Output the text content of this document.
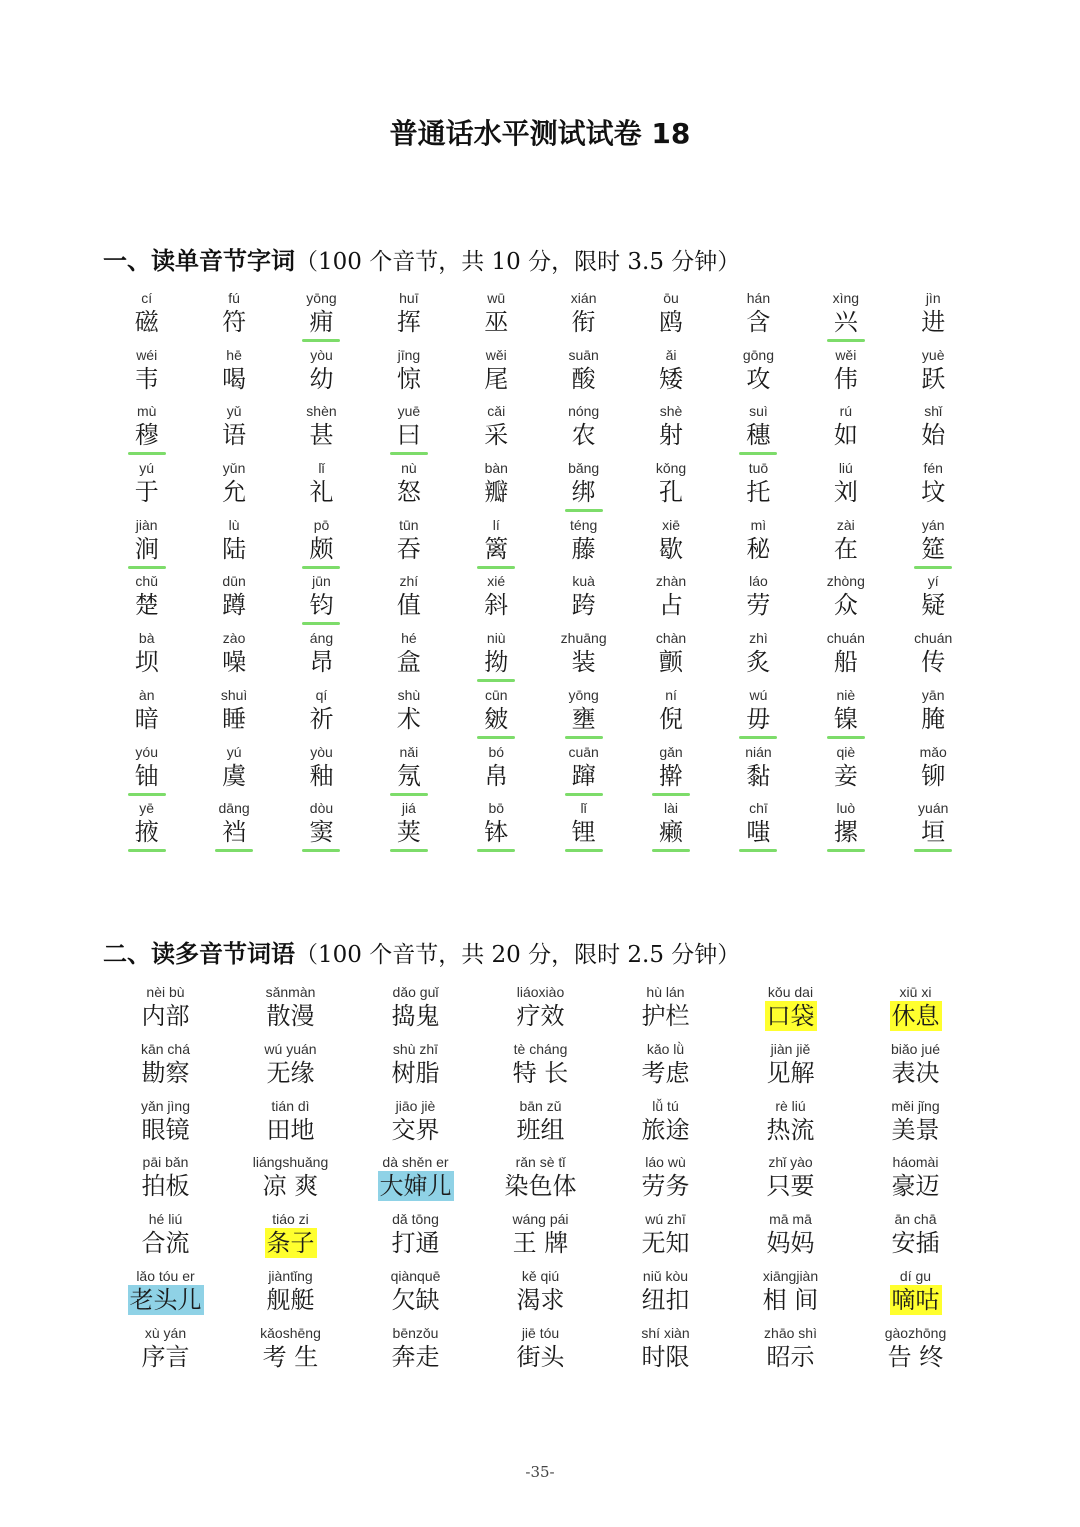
普通话水平测试试卷 18
一、读单音节字词（100 个音节，共 10 分，限时 3.5 分钟）
cí
磁
fú
符
yōng
痈
huī
挥
wū
巫
xián
衔
ōu
鸥
hán
含
xìng
兴
jìn
进
wéi
韦
hē
喝
yòu
幼
jīng
惊
wěi
尾
suān
酸
ǎi
矮
gōng
攻
wěi
伟
yuè
跃
mù
穆
yǔ
语
shèn
甚
yuē
曰
cǎi
采
nóng
农
shè
射
suì
穗
rú
如
shǐ
始
yú
于
yǔn
允
lǐ
礼
nù
怒
bàn
瓣
bǎng
绑
kǒng
孔
tuō
托
liú
刘
fén
坟
jiàn
涧
lù
陆
pō
颇
tūn
吞
lí
篱
téng
藤
xiē
歇
mì
秘
zài
在
yán
筵
chǔ
楚
dūn
蹲
jūn
钧
zhí
值
xié
斜
kuà
跨
zhàn
占
láo
劳
zhòng
众
yí
疑
bà
坝
zào
噪
áng
昂
hé
盒
niù
拗
zhuāng
装
chàn
颤
zhì
炙
chuán
船
chuán
传
àn
暗
shuì
睡
qí
祈
shù
术
cūn
皴
yōng
壅
ní
倪
wú
毋
niè
镍
yān
腌
yóu
铀
yú
虞
yòu
釉
nǎi
氖
bó
帛
cuān
蹿
gǎn
擀
nián
黏
qiè
妾
mǎo
铆
yē
掖
dāng
裆
dòu
窦
jiá
荚
bō
钵
lǐ
锂
lài
癞
chī
嗤
luò
摞
yuán
垣
二、读多音节词语（100 个音节，共 20 分，限时 2.5 分钟）
nèi bù
内部
sǎnmàn
散漫
dǎo guǐ
捣鬼
liáoxiào
疗效
hù lán
护栏
kǒu dai
口袋
xiū xi
休息
kān chá
勘察
wú yuán
无缘
shù zhī
树脂
tè cháng
特 长
kǎo lǜ
考虑
jiàn jiě
见解
biǎo jué
表决
yǎn jìng
眼镜
tián dì
田地
jiāo jiè
交界
bān zǔ
班组
lǚ tú
旅途
rè liú
热流
měi jǐng
美景
pāi bǎn
拍板
liángshuǎng
凉 爽
dà shěn er
大婶儿
rǎn sè tǐ
染色体
láo wù
劳务
zhǐ yào
只要
háomài
豪迈
hé liú
合流
tiáo zi
条子
dǎ tōng
打通
wáng pái
王 牌
wú zhī
无知
mā mā
妈妈
ān chā
安插
lǎo tóu er
老头儿
jiàntǐng
舰艇
qiànquē
欠缺
kě qiú
渴求
niǔ kòu
纽扣
xiāngjiàn
相 间
dí gu
嘀咕
xù yán
序言
kǎoshēng
考 生
bēnzǒu
奔走
jiē tóu
街头
shí xiàn
时限
zhāo shì
昭示
gàozhōng
告 终
-35-
